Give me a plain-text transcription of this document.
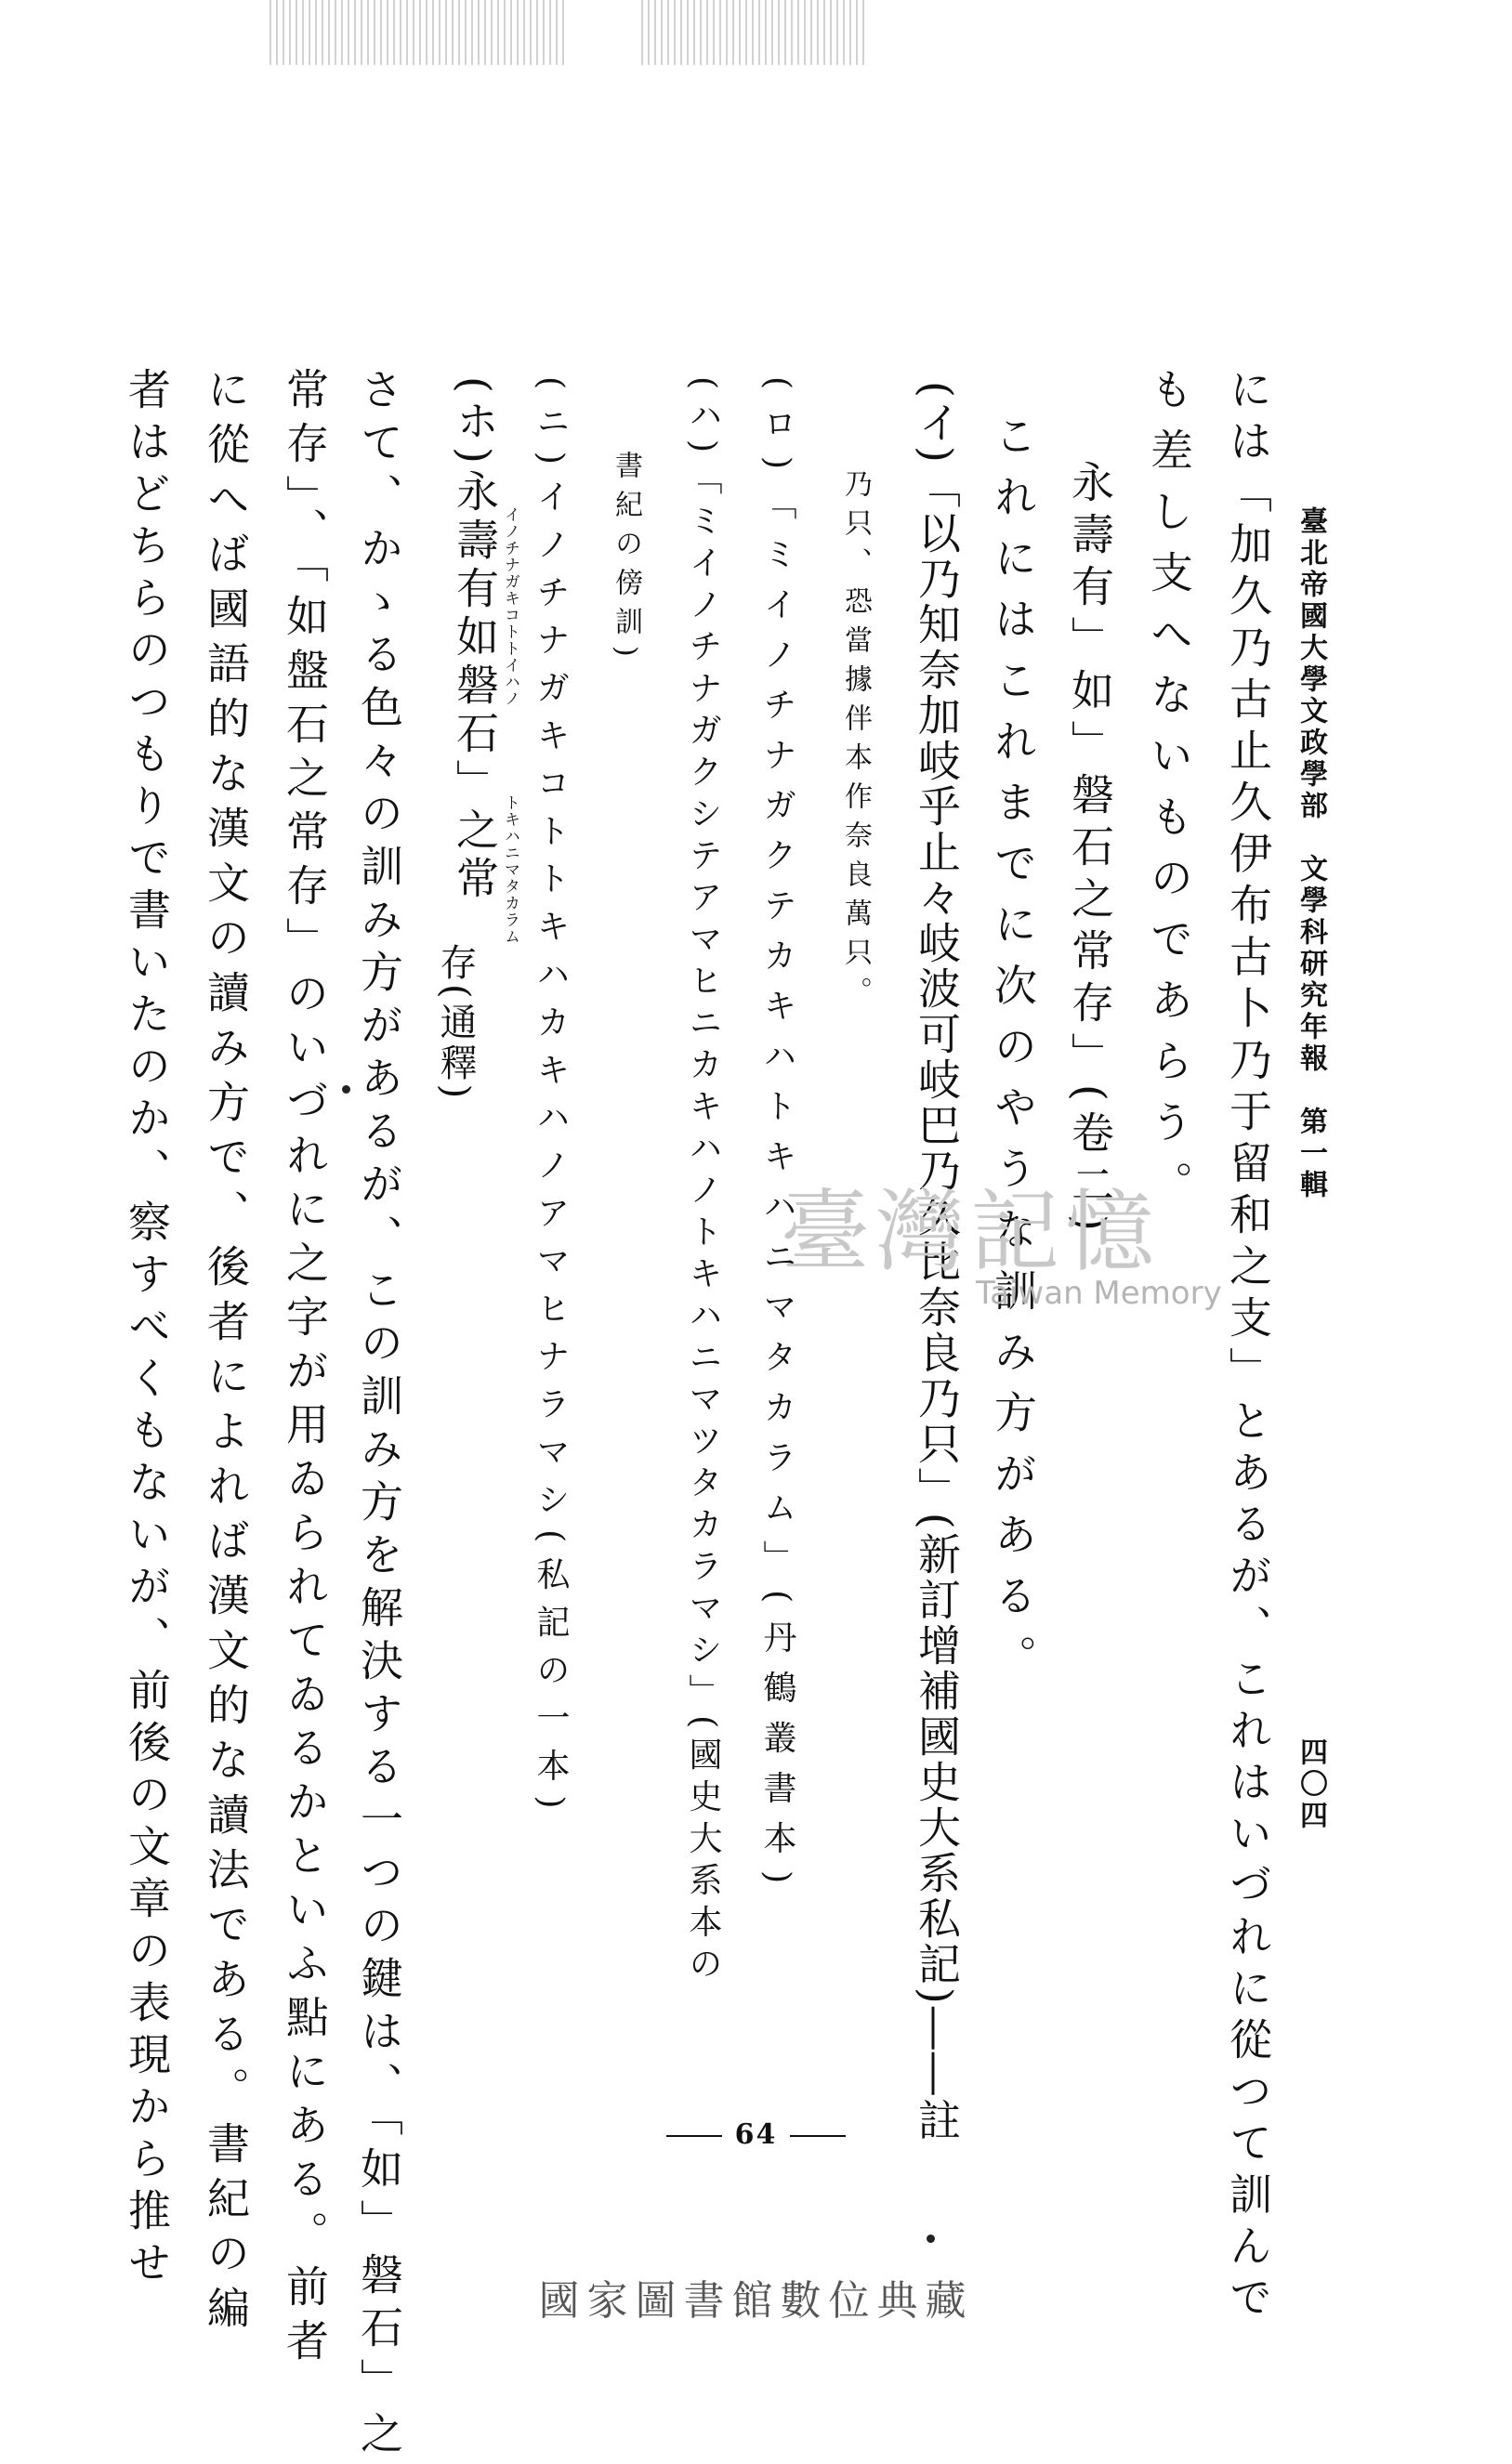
臺北帝國大學文政學部　文學科研究年報　第一輯
四〇四
には「加久乃古止久伊布古卜乃于留和之支」とあるが、これはいづれに從つて訓んで
も差し支へないものであらう。
永壽有」如」磐石之常存」(卷二)
これにはこれまでに次のやうな訓み方がある。
(イ)「以乃知奈加岐乎止々岐波可岐巴乃久比奈良乃只」(新訂增補國史大系私記)――註
乃只、恐當據伴本作奈良萬只。
(ロ)「ミイノチナガクテカキハトキハニマタカラム」(丹鶴叢書本)
(ハ)「ミイノチナガクシテアマヒニカキハノトキハニマツタカラマシ」(國史大系本の
書紀の傍訓)
(ニ)イノチナガキコトトキハカキハノアマヒナラマシ(私記の一本)
(ホ)永壽有如磐石」之常 イノチナガキコトトイハノ
トキハニマタカラム
存(通釋)
さて、かゝる色々の訓み方があるが、この訓み方を解決する一つの鍵は、「如」磐石」之
常存」、「如盤石之常存」のいづれに之字が用ゐられてゐるかといふ點にある。前者
に從へば國語的な漢文の讀み方で、後者によれば漢文的な讀法である。書紀の編
者はどちらのつもりで書いたのか、察すべくもないが、前後の文章の表現から推せ	臺灣記憶
Taiwan Memory
64
國家圖書館數位典藏
